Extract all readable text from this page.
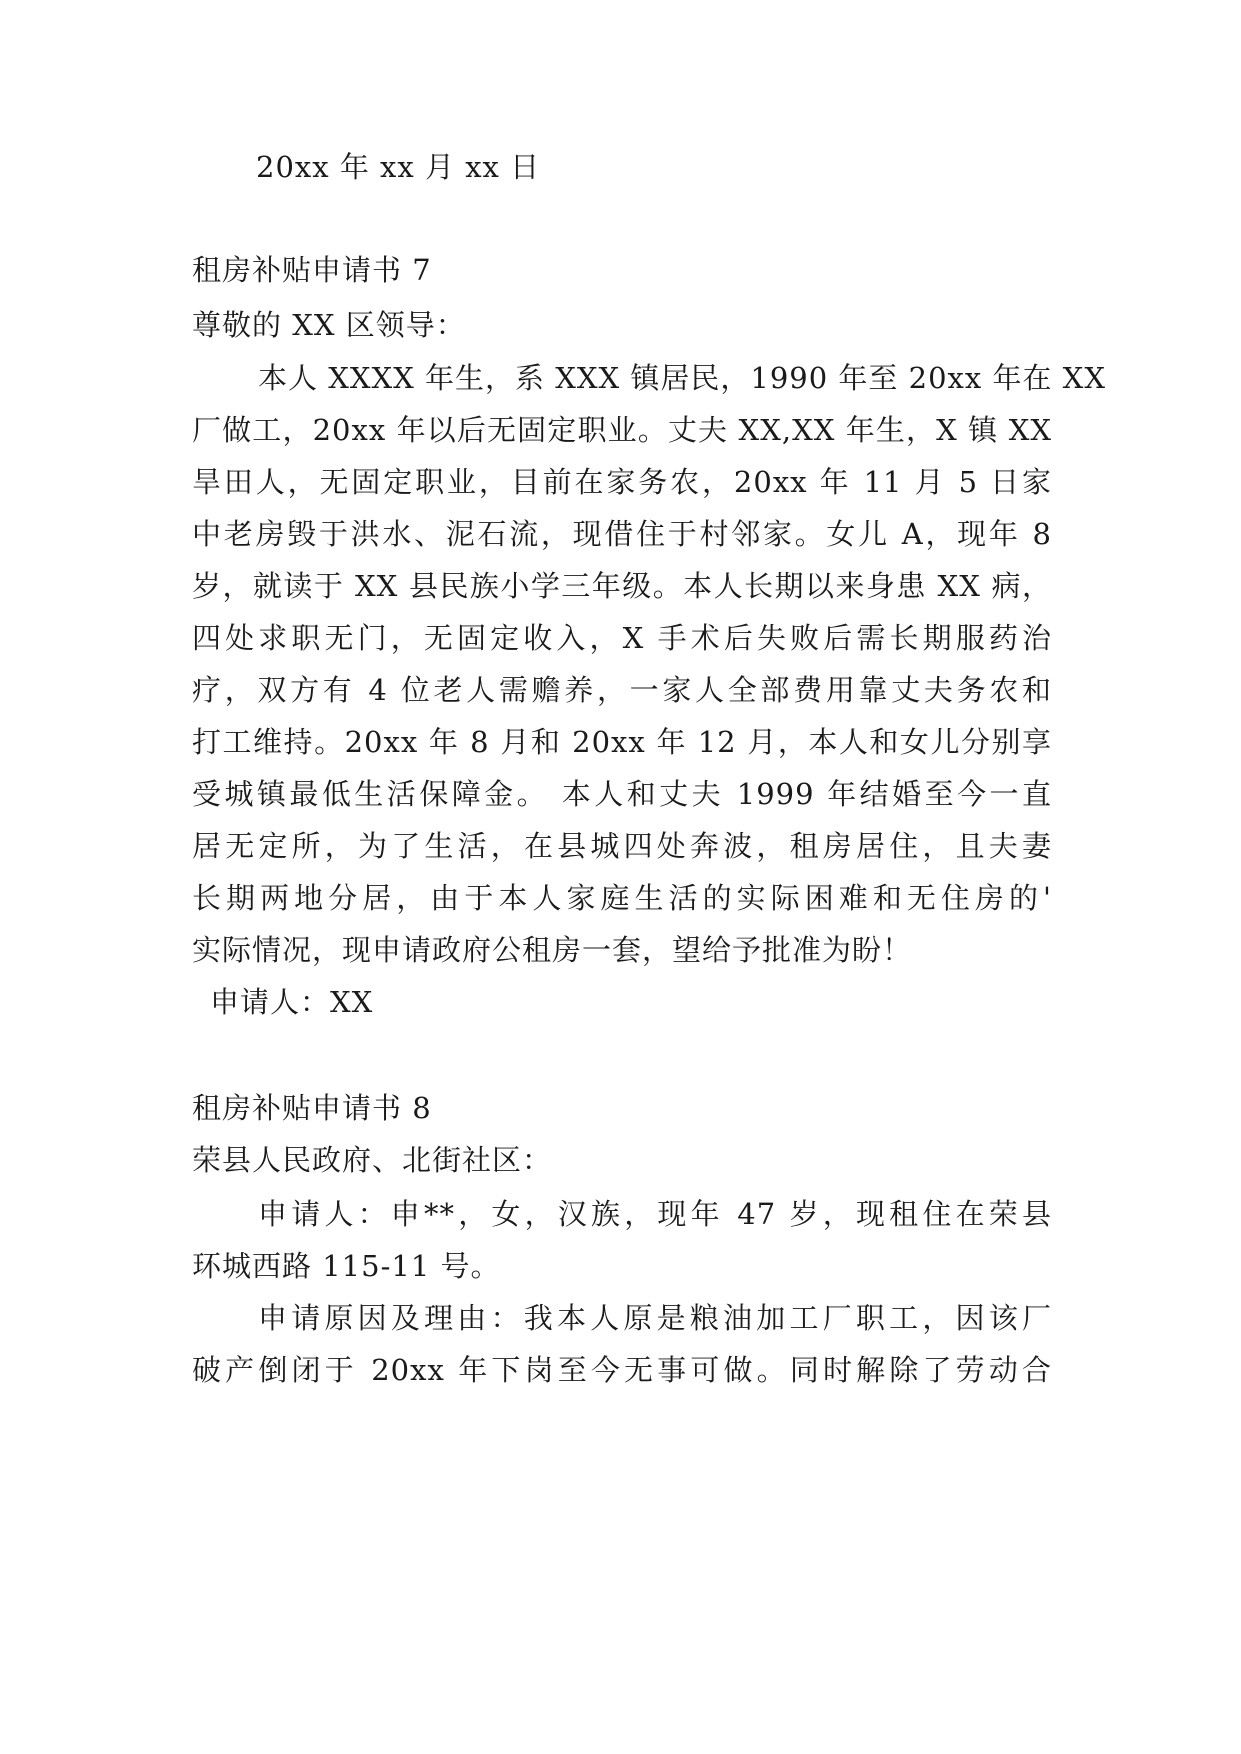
20xx 年 xx 月 xx 日
租房补贴申请书 7
尊敬的 XX 区领导：
本人 XXXX 年生，系 XXX 镇居民，1990 年至 20xx 年在 XX
厂做工，20xx 年以后无固定职业。丈夫 XX,XX 年生，X 镇 XX
旱田人，无固定职业，目前在家务农，20xx 年 11 月 5 日家
中老房毁于洪水、泥石流，现借住于村邻家。女儿 A，现年 8
岁，就读于 XX 县民族小学三年级。本人长期以来身患 XX 病，
四处求职无门，无固定收入，X 手术后失败后需长期服药治
疗，双方有 4 位老人需赡养，一家人全部费用靠丈夫务农和
打工维持。20xx 年 8 月和 20xx 年 12 月，本人和女儿分别享
受城镇最低生活保障金。 本人和丈夫 1999 年结婚至今一直
居无定所，为了生活，在县城四处奔波，租房居住，且夫妻
长期两地分居，由于本人家庭生活的实际困难和无住房的'
实际情况，现申请政府公租房一套，望给予批准为盼！
申请人：XX
租房补贴申请书 8
荣县人民政府、北街社区：
申请人：申**，女，汉族，现年 47 岁，现租住在荣县
环城西路 115-11 号。
申请原因及理由：我本人原是粮油加工厂职工，因该厂
破产倒闭于 20xx 年下岗至今无事可做。同时解除了劳动合
